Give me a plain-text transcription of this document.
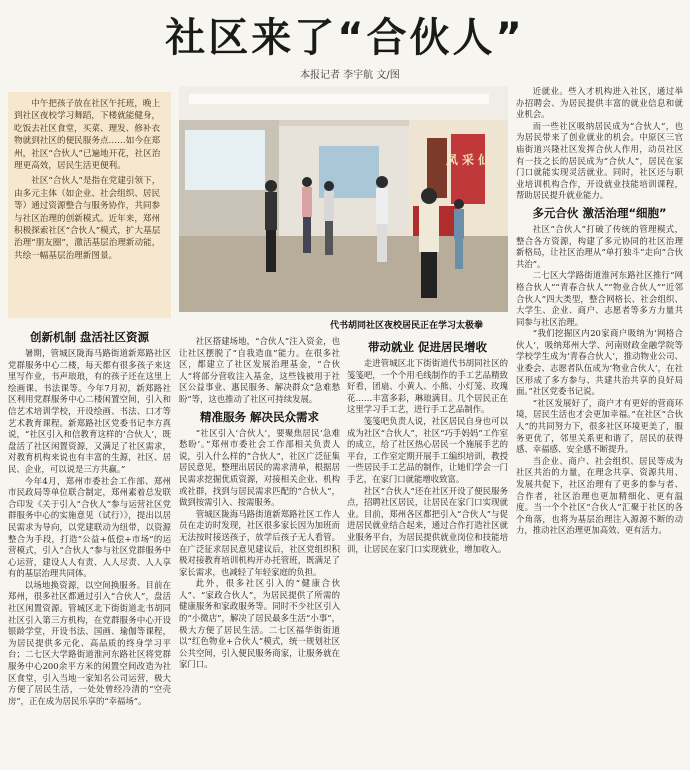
社区来了“合伙人”
本报记者 李宇航 文/图

中午把孩子放在社区午托班，晚上到社区夜校学习舞蹈，下楼就能健身，吃饭去社区食堂，买菜、理发、修补衣物就到社区的便民服务点……如今在郑州，社区“合伙人”已遍地开花，社区治理更高效，居民生活更便利。

社区“合伙人”是指在党建引领下，由多元主体（如企业、社会组织、居民等）通过资源整合与服务协作，共同参与社区治理的创新模式。近年来，郑州积极探索社区“合伙人”模式，扩大基层治理“朋友圈”，激活基层治理新动能，共绘一幅基层治理新图景。

凤 采 仙
代书胡同社区夜校居民正在学习太极拳
创新机制 盘活社区资源

暑期，管城区陇海马路街道新郑路社区党群服务中心二楼，每天都有很多孩子来这里写作业，书声琅琅，有的孩子还在这里上绘画课、书法课等。今年7月初，新郑路社区利用党群服务中心二楼闲置空间，引入和信艺术培训学校，开设绘画、书法、口才等艺术教育课程。新郑路社区党委书记李方真说，“社区引入和信教育这样的‘合伙人’，既盘活了社区闲置资源，又满足了社区需求，对教育机构来说也有丰富的生源，社区、居民、企业，可以说是三方共赢。”

今年4月，郑州市委社会工作部、郑州市民政局等单位联合制定，郑州素着总发联合印发《关于引入“合伙人”参与运营社区党群服务中心的实施意见（试行）》，提出以居民需求为导向，以党建联动为纽带，以资源整合为手段，打造“公益+低偿+市场”的运营模式，引入“合伙人”参与社区党群服务中心运营，建设人人有责、人人尽责、人人享有的基层治理共同体。

以场地换资源，以空间换服务。目前在郑州，很多社区都通过引入“合伙人”，盘活社区闲置资源。管城区北下街街道北书胡同社区引入第三方机构，在党群服务中心开设银龄学堂，开设书法、国画、瑜伽等课程，为居民提供多元化、高品质的终身学习平台；二七区大学路街道淮河东路社区将党群服务中心200余平方米的闲置空间改造为社区食堂，引入当地一家知名公司运营，极大方便了居民生活，一处处曾经冷清的“空壳房”，正在成为居民乐享的“幸福场”。

社区搭建场地，“合伙人”注入资金，也让社区摆脱了“自我造血”能力。在很多社区，都建立了社区发展治理基金，“合伙人”将部分营收注入基金，这些钱被用于社区公益事业、惠民服务、解决群众“急难愁盼”等，这也推动了社区可持续发展。

精准服务 解决民众需求

“社区引入‘合伙人’，要聚焦居民‘急难愁盼’。”郑州市委社会工作部相关负责人说，引入什么样的“合伙人”，社区广泛征集居民意见，整理出居民的需求清单，根据居民需求挖掘优质资源，对接相关企业、机构或社群，找到与居民需求匹配的“合伙人”，做到按需引入、按需服务。

管城区陇海马路街道新郑路社区工作人员在走访时发现，社区很多家长因为加班而无法按时接送孩子，放学后孩子无人看管。在广泛征求居民意见建议后，社区党组织积极对接教育培训机构开办托管班，既满足了家长需求，也减轻了年轻家庭的负担。

此外，很多社区引入的“健康合伙人”、“家政合伙人”，为居民提供了所需的健康服务和家政服务等。同时不少社区引入的“小微店”，解决了居民最多生活“小事”，极大方便了居民生活。二七区福华街街道以“红色物业+合伙人”模式，统一规划社区公共空间，引入便民服务商家，让服务就在家门口。

带动就业 促进居民增收

走进管城区北下街街道代书胡同社区的笺笺吧，一个个用毛线制作的手工艺品精致好看，团扇、小黄人、小熊、小灯笼、玫瑰花……丰富多彩，琳琅满目。几个居民正在这里学习手工艺，进行手工艺品制作。

笺笺吧负责人说，社区居民自身也可以成为社区“合伙人”，社区“巧手妈妈”工作室的成立，给了社区热心居民一个施展手艺的平台，工作室定期开展手工编织培训，教授一些居民手工艺品的制作，让她们学会一门手艺，在家门口就能增收致富。

社区“合伙人”还在社区开设了便民服务点，招聘社区居民，让居民在家门口实现就业。目前，郑州各区都把引入“合伙人”与促进居民就业结合起来，通过合作打造社区就业服务平台，为居民提供就业岗位和技能培训，让居民在家门口实现就业，增加收入。

近就业。些入才机构进入社区，通过举办招聘会、为居民提供丰富的就业信息和就业机会。

而一些社区吸纳居民成为“合伙人”，也为居民带来了创业就业的机会。中原区三官庙街道兴隆社区发挥合伙人作用，动员社区有一技之长的居民成为“合伙人”，居民在家门口就能实现灵活就业。同时，社区还与职业培训机构合作，开设就业技能培训课程，帮助居民提升就业能力。

多元合伙 激活治理“细胞”

社区“合伙人”打破了传统的管理模式，整合各方资源，构建了多元协同的社区治理新格局，让社区治理从“单打独斗”走向“合伙共治”。

二七区大学路街道淮河东路社区推行“网格合伙人”“青春合伙人”“物业合伙人”“近邻合伙人”四大类型，整合网格长、社会组织、大学生、企业、商户、志愿者等多方力量共同参与社区治理。

“我们挖掘区内20家商户吸纳为‘网格合伙人’，吸纳郑州大学、河南财政金融学院等学校学生成为‘青春合伙人’，推动物业公司、业委会、志愿者队伍成为‘物业合伙人’，在社区形成了多方参与、共建共治共享的良好局面。”社区党委书记说。

“社区发展好了，商户才有更好的营商环境，居民生活也才会更加幸福。”在社区“合伙人”的共同努力下，很多社区环境更美了，服务更优了，邻里关系更和谐了，居民的获得感、幸福感、安全感不断提升。

当企业、商户、社会组织、居民等成为社区共治的力量，在理念共享、资源共用、发展共促下，社区治理有了更多的参与者、合作者，社区治理也更加精细化、更有温度。当一个个社区“合伙人”汇聚于社区的各个角落，也将为基层治理注入源源不断的动力，推动社区治理更加高效、更有活力。
